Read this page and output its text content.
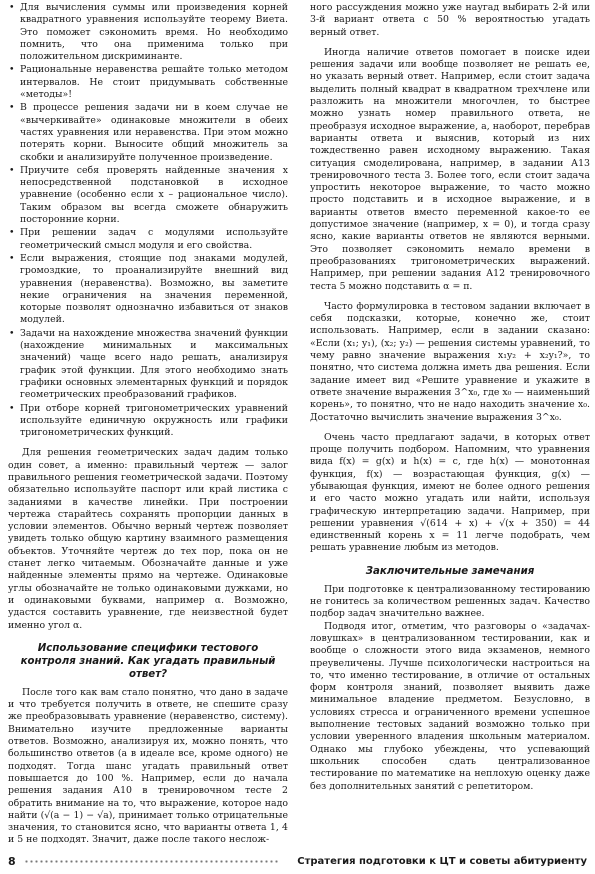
• Для вычисления суммы или произведения корней квадратного уравнения используйте теорему Виета. Это поможет сэкономить время. Но необходимо помнить, что она применима только при положительном дискриминанте.
• Рациональные неравенства решайте только методом интервалов. Не стоит придумывать собственные «методы»!
• В процессе решения задачи ни в коем случае не «вычеркивайте» одинаковые множители в обеих частях уравнения или неравенства. При этом можно потерять корни. Выносите общий множитель за скобки и анализируйте полученное произведение.
• Приучите себя проверять найденные значения x непосредственной подстановкой в исходное уравнение (особенно если x – рациональное число). Таким образом вы всегда сможете обнаружить посторонние корни.
• При решении задач с модулями используйте геометрический смысл модуля и его свойства.
• Если выражения, стоящие под знаками модулей, громоздкие, то проанализируйте внешний вид уравнения (неравенства). Возможно, вы заметите некие ограничения на значения переменной, которые позволят однозначно избавиться от знаков модулей.
• Задачи на нахождение множества значений функции (нахождение минимальных и максимальных значений) чаще всего надо решать, анализируя график этой функции. Для этого необходимо знать графики основных элементарных функций и порядок геометрических преобразований графиков.
• При отборе корней тригонометрических уравнений используйте единичную окружность или графики тригонометрических функций.

Для решения геометрических задач дадим только один совет, а именно: правильный чертеж — залог правильного решения геометрической задачи. Поэтому обязательно используйте паспорт или край листика с заданиями в качестве линейки. При построении чертежа старайтесь сохранять пропорции данных в условии элементов. Обычно верный чертеж позволяет увидеть только общую картину взаимного размещения объектов. Уточняйте чертеж до тех пор, пока он не станет легко читаемым. Обозначайте данные и уже найденные элементы прямо на чертеже. Одинаковые углы обозначайте не только одинаковыми дужками, но и одинаковыми буквами, например α. Возможно, удастся составить уравнение, где неизвестной будет именно угол α.

Использование специфики тестового контроля знаний. Как угадать правильный ответ?

После того как вам стало понятно, что дано в задаче и что требуется получить в ответе, не спешите сразу же преобразовывать уравнение (неравенство, систему). Внимательно изучите предложенные варианты ответов. Возможно, анализируя их, можно понять, что большинство ответов (а в идеале все, кроме одного) не подходят. Тогда шанс угадать правильный ответ повышается до 100 %. Например, если до начала решения задания А10 в тренировочном тесте 2 обратить внимание на то, что выражение, которое надо найти (√(a − 1) − √a), принимает только отрицательные значения, то становится ясно, что варианты ответа 1, 4 и 5 не подходят. Значит, даже после такого неслож-

ного рассуждения можно уже наугад выбирать 2-й или 3-й вариант ответа с 50 % вероятностью угадать верный ответ.

Иногда наличие ответов помогает в поиске идеи решения задачи или вообще позволяет не решать ее, но указать верный ответ. Например, если стоит задача выделить полный квадрат в квадратном трехчлене или разложить на множители многочлен, то быстрее можно узнать номер правильного ответа, не преобразуя исходное выражение, а, наоборот, перебрав варианты ответа и выяснив, который из них тождественно равен исходному выражению. Такая ситуация смоделирована, например, в задании А13 тренировочного теста 3. Более того, если стоит задача упростить некоторое выражение, то часто можно просто подставить и в исходное выражение, и в варианты ответов вместо переменной какое-то ее допустимое значение (например, x = 0), и тогда сразу ясно, какие варианты ответов не являются верными. Это позволяет сэкономить немало времени в преобразованиях тригонометрических выражений. Например, при решении задания А12 тренировочного теста 5 можно подставить α = π.

Часто формулировка в тестовом задании включает в себя подсказки, которые, конечно же, стоит использовать. Например, если в задании сказано: «Если (x₁; y₁), (x₂; y₂) — решения системы уравнений, то чему равно значение выражения x₁y₂ + x₂y₁?», то понятно, что система должна иметь два решения. Если задание имеет вид «Решите уравнение и укажите в ответе значение выражения 3^x₀, где x₀ — наименьший корень», то понятно, что не надо находить значение x₀. Достаточно вычислить значение выражения 3^x₀.

Очень часто предлагают задачи, в которых ответ проще получить подбором. Напомним, что уравнения вида f(x) = g(x) и h(x) = c, где h(x) — монотонная функция, f(x) — возрастающая функция, g(x) — убывающая функция, имеют не более одного решения и его часто можно угадать или найти, используя графическую интерпретацию задачи. Например, при решении уравнения √(614 + x) + √(x + 350) = 44 единственный корень x = 11 легче подобрать, чем решать уравнение любым из методов.

Заключительные замечания

При подготовке к централизованному тестированию не гонитесь за количеством решенных задач. Качество подбор задач значительно важнее.

Подводя итог, отметим, что разговоры о «задачах-ловушках» в централизованном тестировании, как и вообще о сложности этого вида экзаменов, немного преувеличены. Лучше психологически настроиться на то, что именно тестирование, в отличие от остальных форм контроля знаний, позволяет выявить даже минимальное владение предметом. Безусловно, в условиях стресса и ограниченного времени успешное выполнение тестовых заданий возможно только при условии уверенного владения школьным материалом. Однако мы глубоко убеждены, что успевающий школьник способен сдать централизованное тестирование по математике на неплохую оценку даже без дополнительных занятий с репетитором.

8	Стратегия подготовки к ЦТ и советы абитуриенту
